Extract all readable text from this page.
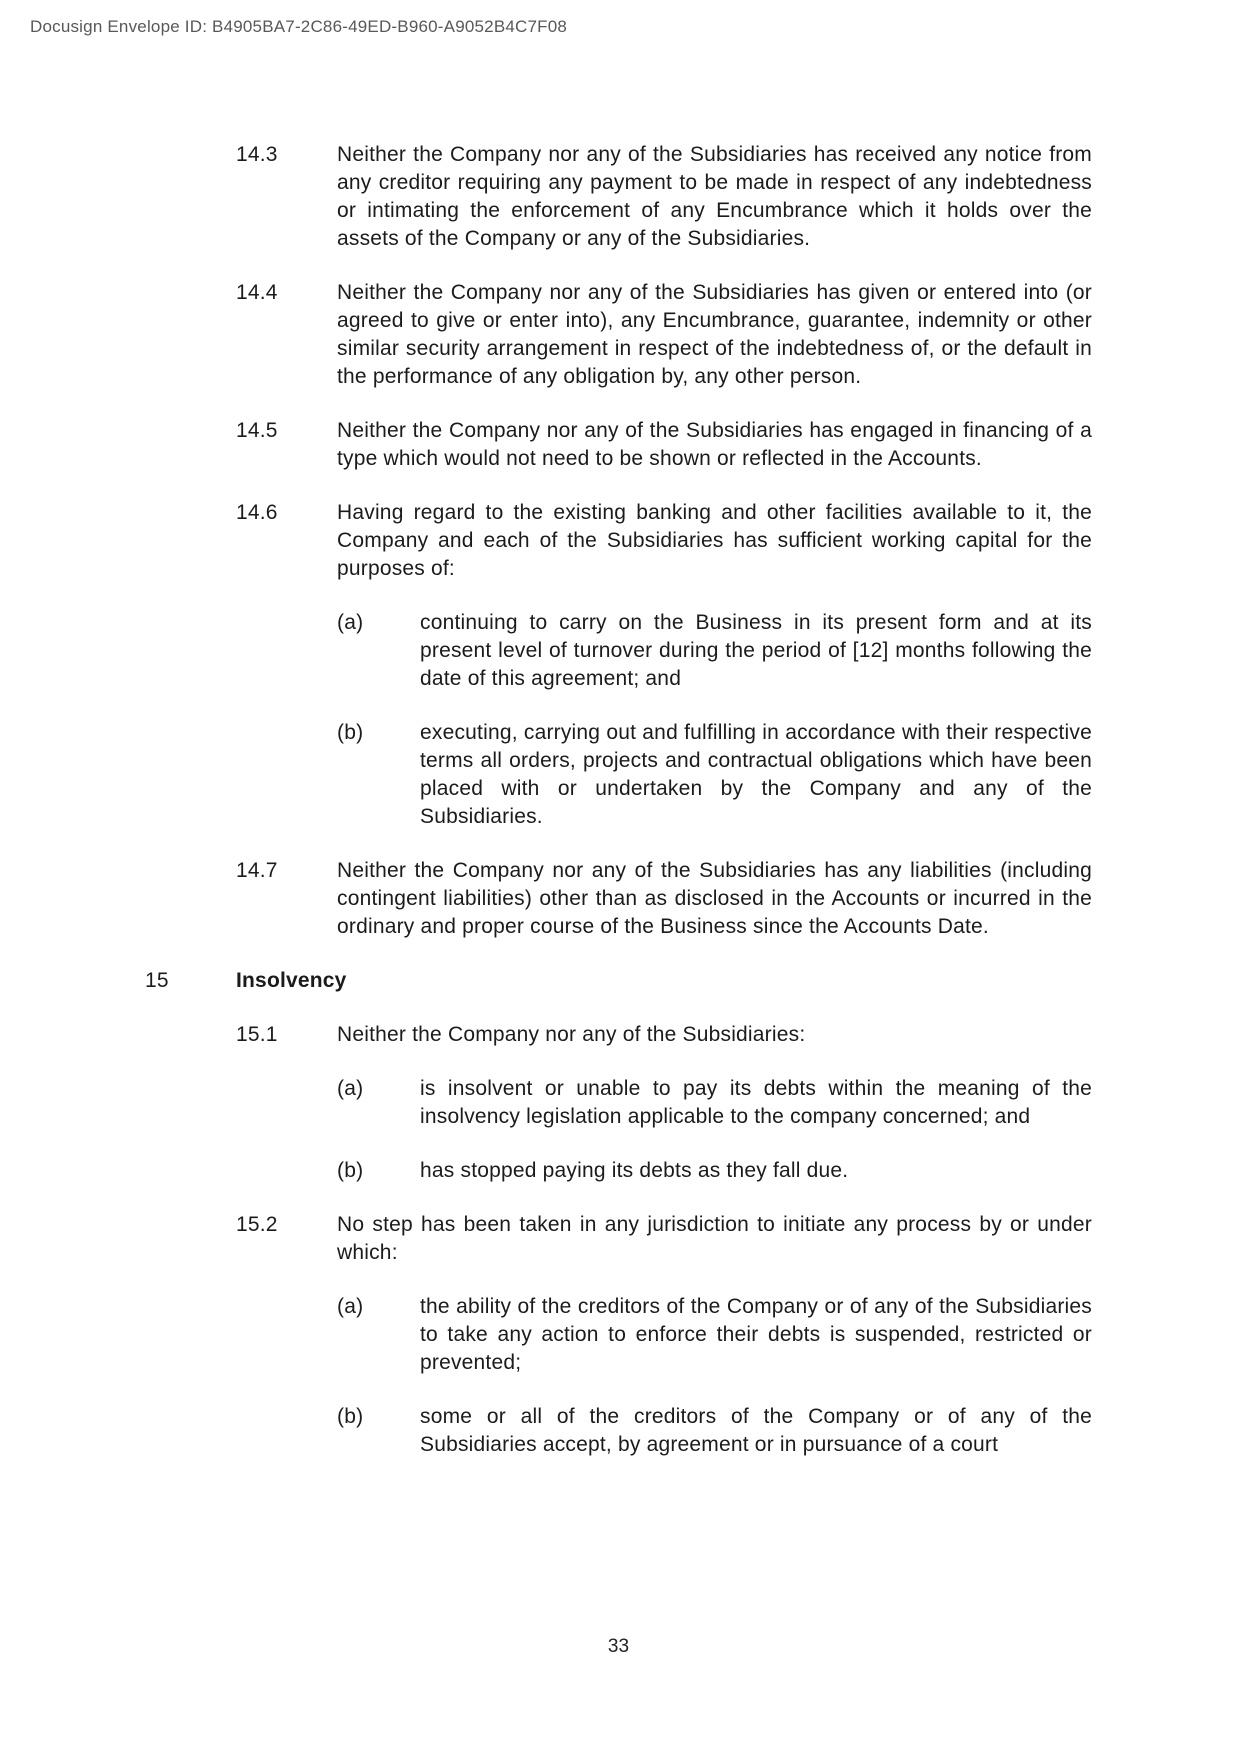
Docusign Envelope ID: B4905BA7-2C86-49ED-B960-A9052B4C7F08
14.3	Neither the Company nor any of the Subsidiaries has received any notice from any creditor requiring any payment to be made in respect of any indebtedness or intimating the enforcement of any Encumbrance which it holds over the assets of the Company or any of the Subsidiaries.

14.4	Neither the Company nor any of the Subsidiaries has given or entered into (or agreed to give or enter into), any Encumbrance, guarantee, indemnity or other similar security arrangement in respect of the indebtedness of, or the default in the performance of any obligation by, any other person.

14.5	Neither the Company nor any of the Subsidiaries has engaged in financing of a type which would not need to be shown or reflected in the Accounts.

14.6	Having regard to the existing banking and other facilities available to it, the Company and each of the Subsidiaries has sufficient working capital for the purposes of:

(a)	continuing to carry on the Business in its present form and at its present level of turnover during the period of [12] months following the date of this agreement; and

(b)	executing, carrying out and fulfilling in accordance with their respective terms all orders, projects and contractual obligations which have been placed with or undertaken by the Company and any of the Subsidiaries.

14.7	Neither the Company nor any of the Subsidiaries has any liabilities (including contingent liabilities) other than as disclosed in the Accounts or incurred in the ordinary and proper course of the Business since the Accounts Date.

15	Insolvency
15.1	Neither the Company nor any of the Subsidiaries:

(a)	is insolvent or unable to pay its debts within the meaning of the insolvency legislation applicable to the company concerned; and

(b)	has stopped paying its debts as they fall due.

15.2	No step has been taken in any jurisdiction to initiate any process by or under which:

(a)	the ability of the creditors of the Company or of any of the Subsidiaries to take any action to enforce their debts is suspended, restricted or prevented;

(b)	some or all of the creditors of the Company or of any of the Subsidiaries accept, by agreement or in pursuance of a court

33
